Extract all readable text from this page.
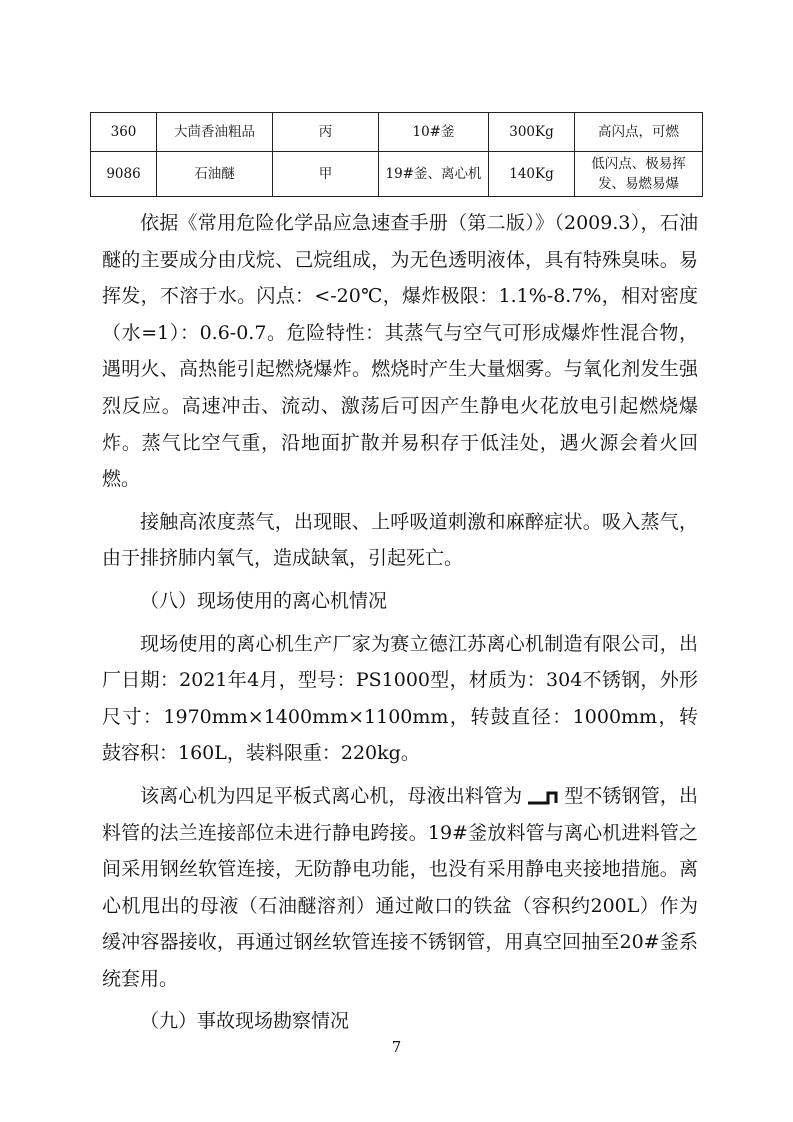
360	大茴香油粗品	丙	10#釜	300Kg	高闪点，可燃
9086	石油醚	甲	19#釜、离心机	140Kg	低闪点、极易挥发、易燃易爆

依据《常用危险化学品应急速查手册（第二版）》（2009.3），石油醚的主要成分由戊烷、己烷组成，为无色透明液体，具有特殊臭味。易挥发，不溶于水。闪点：<-20℃，爆炸极限：1.1%-8.7%，相对密度（水=1）：0.6-0.7。危险特性：其蒸气与空气可形成爆炸性混合物，遇明火、高热能引起燃烧爆炸。燃烧时产生大量烟雾。与氧化剂发生强烈反应。高速冲击、流动、激荡后可因产生静电火花放电引起燃烧爆炸。蒸气比空气重，沿地面扩散并易积存于低洼处，遇火源会着火回燃。

接触高浓度蒸气，出现眼、上呼吸道刺激和麻醉症状。吸入蒸气，由于排挤肺内氧气，造成缺氧，引起死亡。

（八）现场使用的离心机情况

现场使用的离心机生产厂家为赛立德江苏离心机制造有限公司，出厂日期：2021年4月，型号：PS1000型，材质为：304不锈钢，外形尺寸：1970mm×1400mm×1100mm，转鼓直径：1000mm，转鼓容积：160L，装料限重：220kg。

该离心机为四足平板式离心机，母液出料管为 型不锈钢管，出料管的法兰连接部位未进行静电跨接。19#釜放料管与离心机进料管之间采用钢丝软管连接，无防静电功能，也没有采用静电夹接地措施。离心机甩出的母液（石油醚溶剂）通过敞口的铁盆（容积约200L）作为缓冲容器接收，再通过钢丝软管连接不锈钢管，用真空回抽至20#釜系统套用。

（九）事故现场勘察情况

7
